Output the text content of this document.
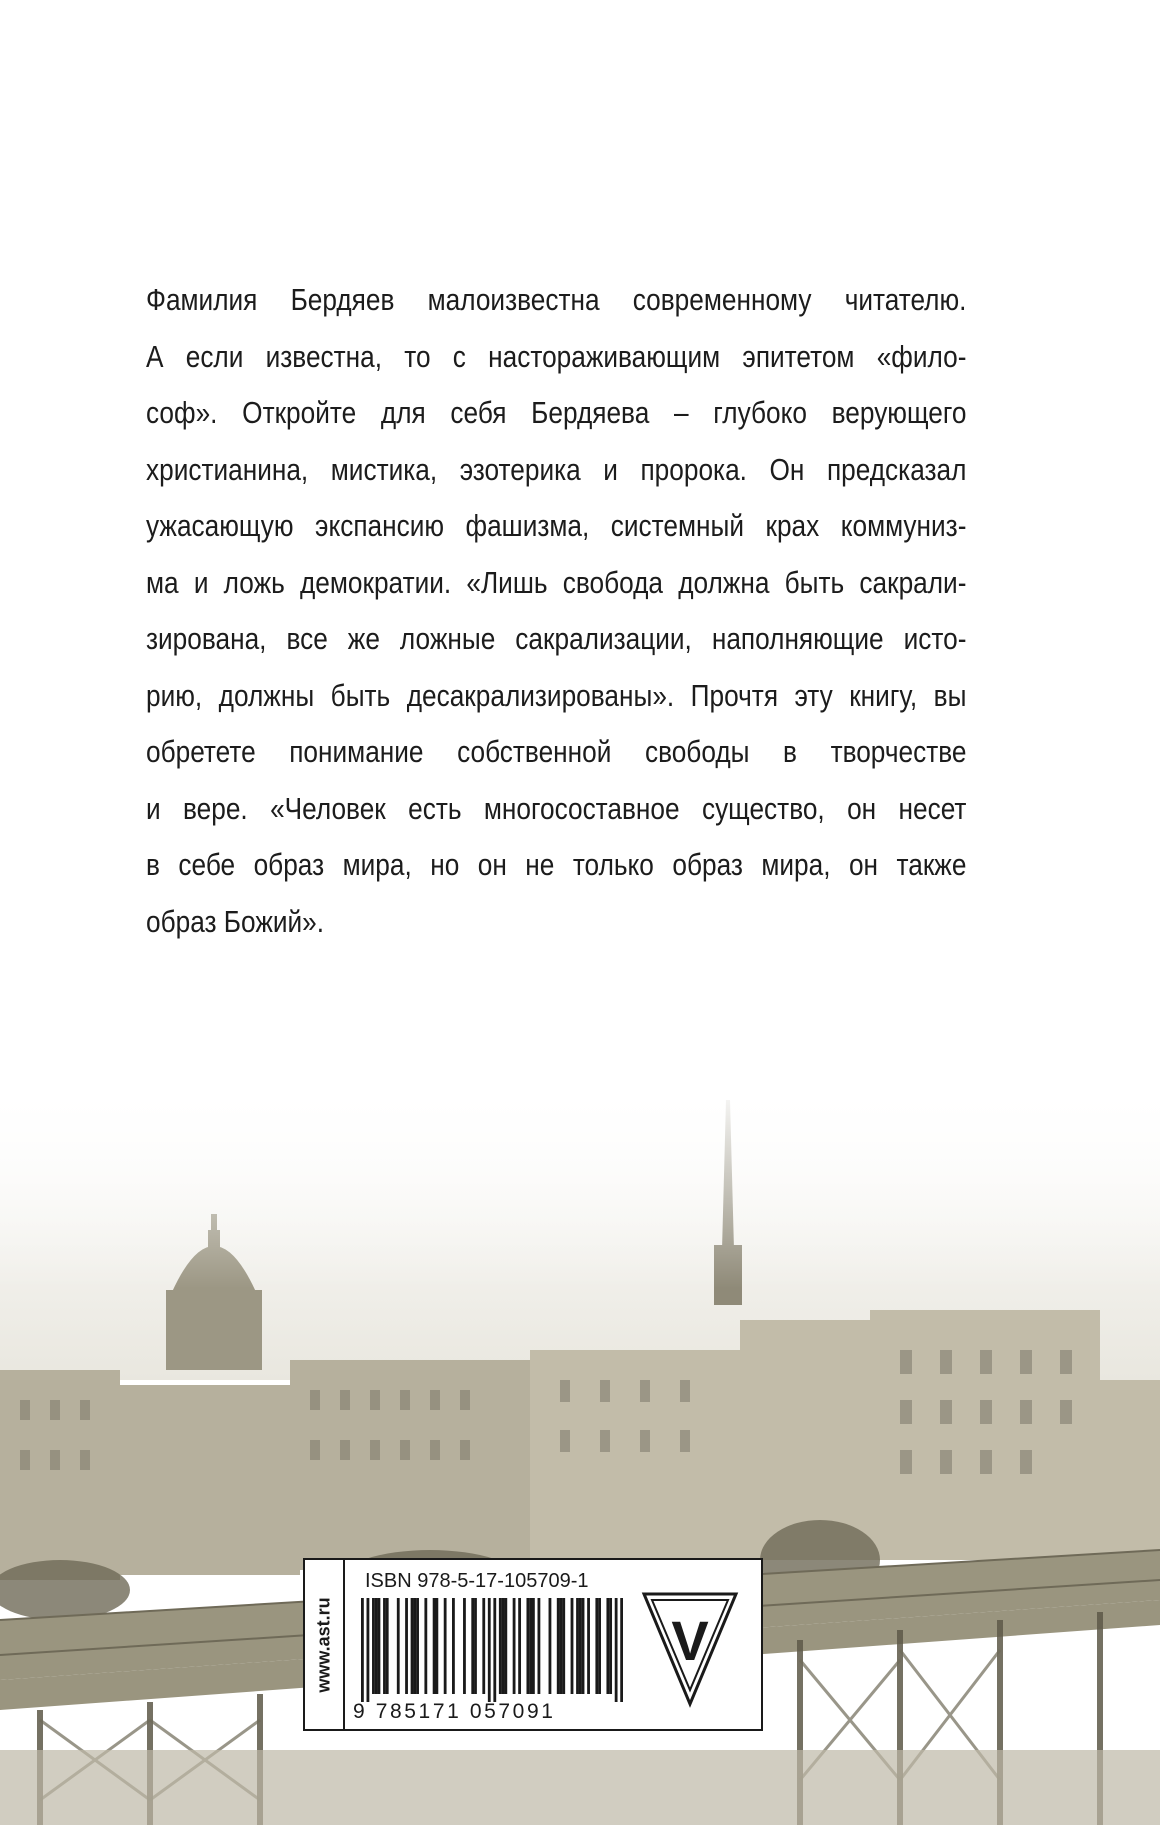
Фамилия Бердяев малоизвестна современному читателю.
А если известна, то с настораживающим эпитетом «фило-
соф». Откройте для себя Бердяева – глубоко верующего
христианина, мистика, эзотерика и пророка. Он предсказал
ужасающую экспансию фашизма, системный крах коммуниз-
ма и ложь демократии. «Лишь свобода должна быть сакрали-
зирована, все же ложные сакрализации, наполняющие исто-
рию, должны быть десакрализированы». Прочтя эту книгу, вы
обретете понимание собственной свободы в творчестве
и вере. «Человек есть многосоставное существо, он несет
в себе образ мира, но он не только образ мира, он также
образ Божий».
www.ast.ru
ISBN 978-5-17-105709-1
9 785171 057091
V
